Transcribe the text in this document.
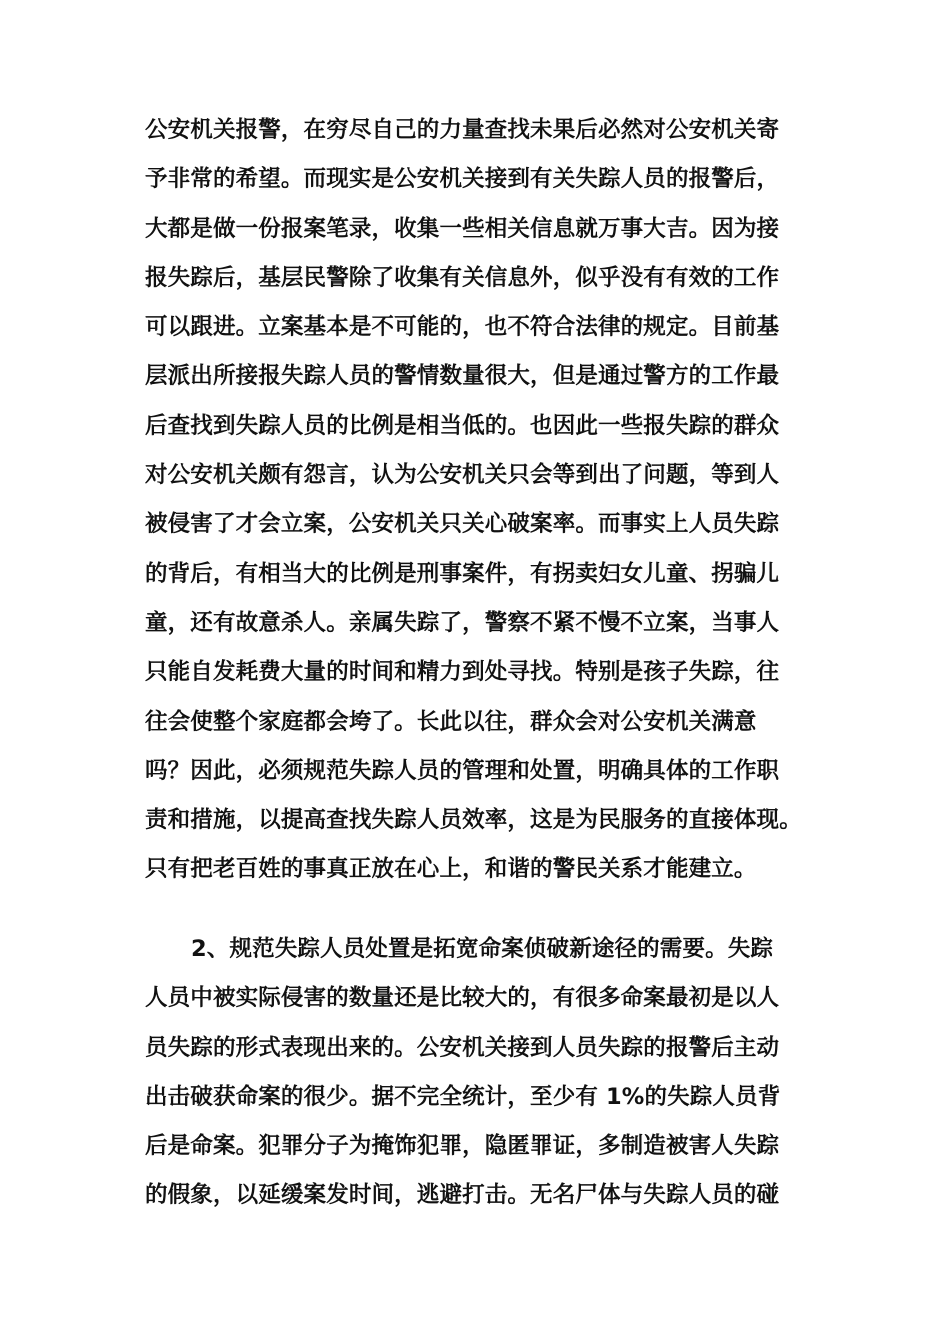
公安机关报警，在穷尽自己的力量查找未果后必然对公安机关寄
予非常的希望。而现实是公安机关接到有关失踪人员的报警后，
大都是做一份报案笔录，收集一些相关信息就万事大吉。因为接
报失踪后，基层民警除了收集有关信息外，似乎没有有效的工作
可以跟进。立案基本是不可能的，也不符合法律的规定。目前基
层派出所接报失踪人员的警情数量很大，但是通过警方的工作最
后查找到失踪人员的比例是相当低的。也因此一些报失踪的群众
对公安机关颇有怨言，认为公安机关只会等到出了问题，等到人
被侵害了才会立案，公安机关只关心破案率。而事实上人员失踪
的背后，有相当大的比例是刑事案件，有拐卖妇女儿童、拐骗儿
童，还有故意杀人。亲属失踪了，警察不紧不慢不立案，当事人
只能自发耗费大量的时间和精力到处寻找。特别是孩子失踪，往
往会使整个家庭都会垮了。长此以往，群众会对公安机关满意
吗？因此，必须规范失踪人员的管理和处置，明确具体的工作职
责和措施，以提高查找失踪人员效率，这是为民服务的直接体现。
只有把老百姓的事真正放在心上，和谐的警民关系才能建立。
2、规范失踪人员处置是拓宽命案侦破新途径的需要。失踪
人员中被实际侵害的数量还是比较大的，有很多命案最初是以人
员失踪的形式表现出来的。公安机关接到人员失踪的报警后主动
出击破获命案的很少。据不完全统计，至少有 1%的失踪人员背
后是命案。犯罪分子为掩饰犯罪，隐匿罪证，多制造被害人失踪
的假象，以延缓案发时间，逃避打击。无名尸体与失踪人员的碰
